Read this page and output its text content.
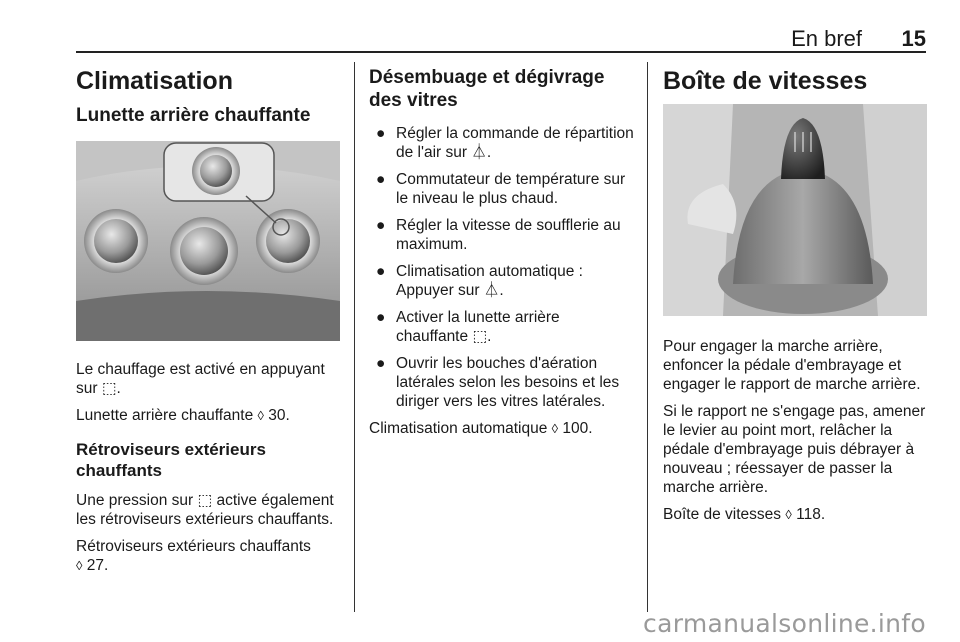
En bref 15
Climatisation
Lunette arrière chauffante

Le chauffage est activé en appuyant sur ⬚.

Lunette arrière chauffante ◊ 30.

Rétroviseurs extérieurs chauffants

Une pression sur ⬚ active également les rétroviseurs extérieurs chauffants.

Rétroviseurs extérieurs chauffants
◊ 27.

Désembuage et dégivrage des vitres
● Régler la commande de répartition de l'air sur ⏃.
● Commutateur de température sur le niveau le plus chaud.
● Régler la vitesse de soufflerie au maximum.
● Climatisation automatique : Appuyer sur ⏃.
● Activer la lunette arrière chauffante ⬚.
● Ouvrir les bouches d'aération latérales selon les besoins et les diriger vers les vitres latérales.

Climatisation automatique ◊ 100.

Boîte de vitesses

Pour engager la marche arrière, enfoncer la pédale d'embrayage et engager le rapport de marche arrière.

Si le rapport ne s'engage pas, amener le levier au point mort, relâcher la pédale d'embrayage puis débrayer à nouveau ; réessayer de passer la marche arrière.

Boîte de vitesses ◊ 118.

carmanualsonline.info
